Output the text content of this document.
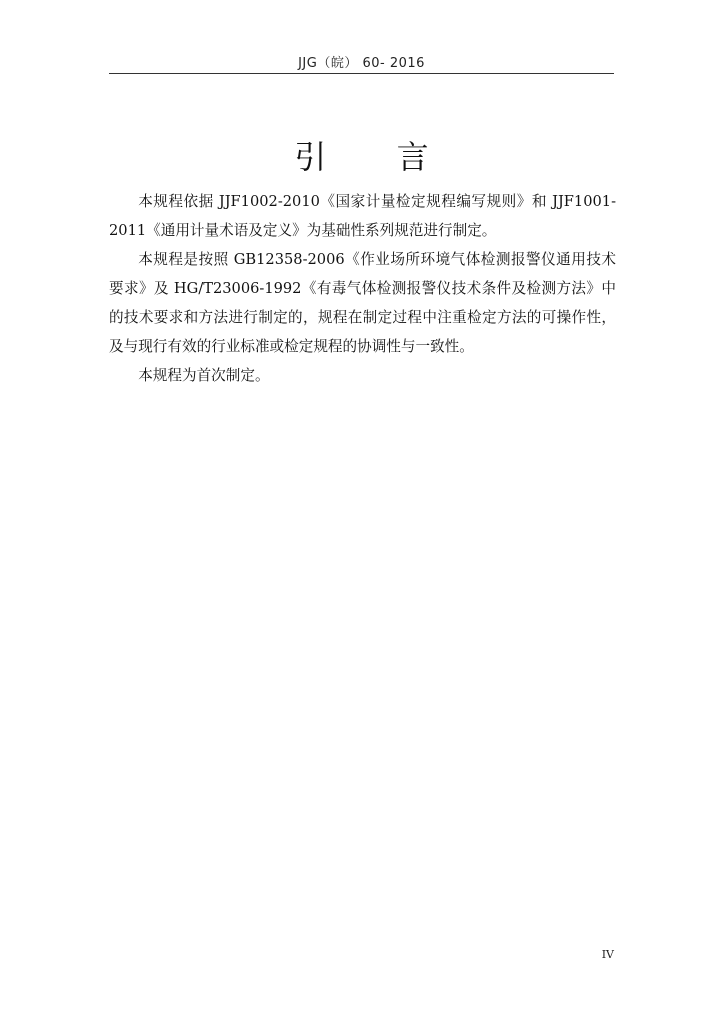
JJG（皖） 60- 2016
引 言

本规程依据 JJF1002-2010《国家计量检定规程编写规则》和 JJF1001-2011《通用计量术语及定义》为基础性系列规范进行制定。

本规程是按照 GB12358-2006《作业场所环境气体检测报警仪通用技术要求》及 HG/T23006-1992《有毒气体检测报警仪技术条件及检测方法》中的技术要求和方法进行制定的，规程在制定过程中注重检定方法的可操作性，及与现行有效的行业标准或检定规程的协调性与一致性。

本规程为首次制定。

IV
